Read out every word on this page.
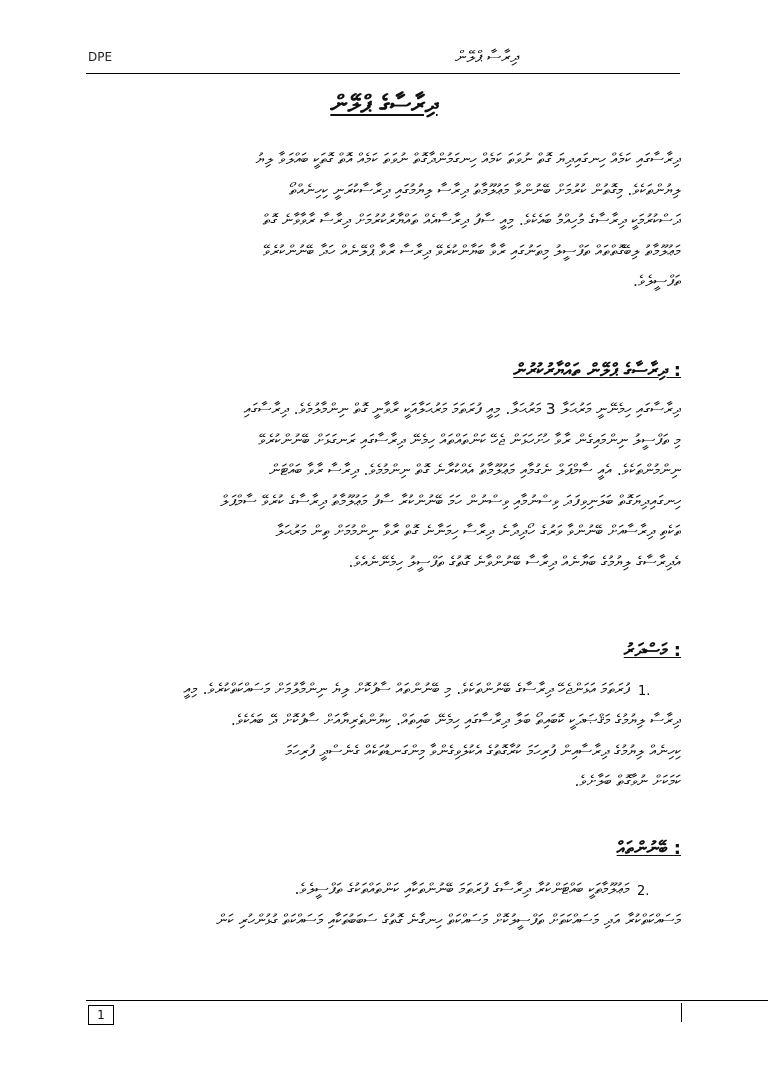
DPE	ދިރާސާ ޕްލޭން
ދިރާސާގެ ޕްލޭން
ދިރާސާގައި ކަމެއް ހިނގައިދިޔަ ގޮތް ނުވަތަ ކަމެއް ހިނގަމުންދާގޮތް ނުވަތަ ކަމެއް އޮތް ގޮތަކީ ބައްލަވާ ލިޔު
ލިޔުންތަކެވެ. މިގޮތުން ކުރުމަށް ބޭނުންވާ މަޢުލޫމާތު ދިރާސާ ލިޔުމުގައި ދިރާސާކުރަނީ ކިހިނެއްތޯ
ދަސްކުރުމަކީ ދިރާސާގެ މުހިއްމު ބައެކެވެ. މިއީ ސާފު ދިރާސާއެއް ތައްޔާރުކުރުމަށް ދިރާސާ ރާވާވާނެ ގޮތް
މަޢުލޫމާތު ލިބޭގޮތްތައް ތަފްސީލު މިތަނުގައި ރާވާ ބަޔާންކުރެވޭ ދިރާސާ ރާވާ ޕްލޭނެއް ހަދާ ބޭނުންކުރެވޭ
ތަފްސީލެވެ.
: ދިރާސާގެ ޕްލޭން ތައްޔާރުކުރުން
ދިރާސާގައި ހިމެނޭނީ މަރުޙަލާ 3 މަރުޙަލާ. މިއީ ފުރަތަމަ މަރުޙަލާއަކީ ރާވާނީ ގޮތް ނިންމާލުމެވެ. ދިރާސާގައި
މި ތަފްސީލު ނިންމައިގެން ރާވާ ހުށަހަޅަން ޖެހޭ ކަންތައްތައް ހިމެނޭ ދިރާސާގައި ރަނގަޅަށް ބޭނުންކުރެވޭ
ނިންމުންތަކެވެ. އެއީ ސާމްޕަލް ނެގުމާއި މަޢުލޫމާތު އެއްކުރާނެ ގޮތް ނިންމުމެވެ. ދިރާސާ ރާވާ ބައްޓަން
ހިނގައިދިޔަގޮތް ބަލަނިވިފަދަ ވިސްނުމާއި ވިސްނުން ހަމަ ބޭނުންކުރާ ސާފު މަޢުލޫމާތު ދިރާސާގެ ކުރެވޭ ސާމްޕަލް
ތަކެތި ދިރާސާއަށް ބޭނުންވާ ވަރުގެ ހޯދިދާނެ ދިރާސާ ހިމަނާނެ ގޮތް ރާވާ ނިންމުމަށް ތިން މަރުޙަލާ
އެދިރާސާގެ ލިޔުމުގެ ބަޔާނެއް ދިރާސާ ބޭނުންވާނެ ގޮތުގެ ތަފްސީލު ހިމެނޭނެއެވެ.
: މަސްދަރު
1.
ފުރަތަމަ އަޅަންޖެހޭ ދިރާސާގެ ބޭނުންތަކެވެ. މި ބޭނުންތައް ސާފުކޮށް ލިޔެ ނިންމާލުމަށް މަސައްކަތްކުރެވެ. މިއީ
ދިރާސާ ލިޔުމުގެ މަޤްޞަދަކީ ކޮބައިތޯ ބަލާ ދިރާސާގައި ހިމެނޭ ބައިތައް. ކިޔުންތެރިޔާއަށް ސާފުކޮށް ދޭ ބައެކެވެ.
ކިހިނެއް ލިޔުމުގެ ދިރާސާއިން ފުރިހަމަ ކުރާގޮތުގެ އެކުލެވިގެންވާ މިންގަނޑުތަކެއް ގެނެސްދީ ފުރިހަމަ
ކަމަކަށް ނުވާގޮތް ބަލާށެވެ.
: ބޭނުންތައް
2.
މަޢުލޫމާތަކީ ބައްޓަންކުރާ ދިރާސާގެ ފުރަތަމަ ބޭނުންތަކާއި ކަންތައްތަކުގެ ތަފްސީލެވެ.
މަސައްކަތްކުރާ އަދި މަސައްކަތަށް ތަފްސީލުކޮށް މަސައްކަތް ހިނގާނެ ގޮތުގެ ސަބަބުތަކާއި މަސައްކަތް ގުޅުންހުރި ކަން
1
